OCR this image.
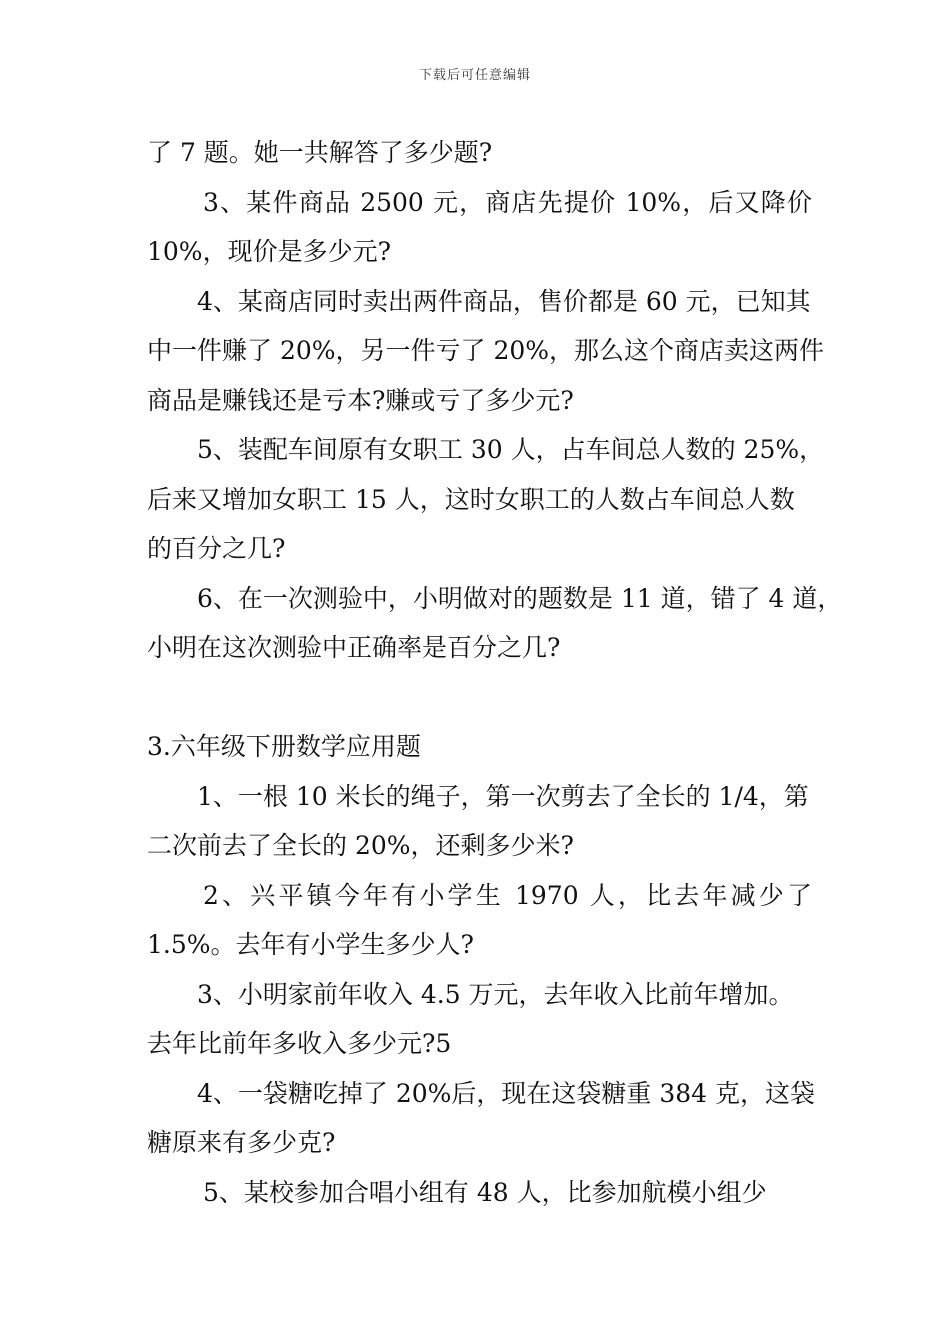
下载后可任意编辑
了 7 题。她一共解答了多少题?
3、某件商品 2500 元，商店先提价 10%，后又降价
10%，现价是多少元?
4、某商店同时卖出两件商品，售价都是 60 元，已知其
中一件赚了 20%，另一件亏了 20%，那么这个商店卖这两件
商品是赚钱还是亏本?赚或亏了多少元?
5、装配车间原有女职工 30 人，占车间总人数的 25%，
后来又增加女职工 15 人，这时女职工的人数占车间总人数
的百分之几?
6、在一次测验中，小明做对的题数是 11 道，错了 4 道，
小明在这次测验中正确率是百分之几?
3.六年级下册数学应用题
1、一根 10 米长的绳子，第一次剪去了全长的 1/4，第
二次前去了全长的 20%，还剩多少米?
2、兴平镇今年有小学生 1970 人，比去年减少了
1.5%。去年有小学生多少人?
3、小明家前年收入 4.5 万元，去年收入比前年增加。
去年比前年多收入多少元?5
4、一袋糖吃掉了 20%后，现在这袋糖重 384 克，这袋
糖原来有多少克?
5、某校参加合唱小组有 48 人，比参加航模小组少
